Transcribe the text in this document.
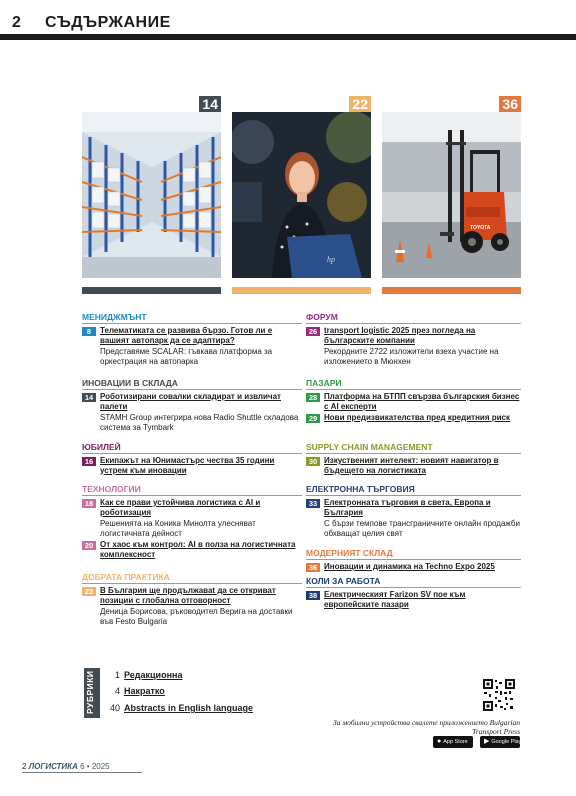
2 СЪДЪРЖАНИЕ
14	22
hp
36
TOYOTA
МЕНИДЖМЪНТ
8	Телематиката се развива бързо. Готов ли е вашият автопарк да се адаптира?
Представяме SCALAR: гъвкава платформа за оркестрация на автопарка
ИНОВАЦИИ В СКЛАДА
14 Роботизирани совалки складират и извличат палети
STAMH Group интегрира нова Radio Shuttle складова система за Tymbark
ЮБИЛЕЙ
16 Екипажът на Юнимастърс чества 35 години устрем към иновации
ТЕХНОЛОГИИ
18 Как се прави устойчива логистика с AI и роботизация
Решенията на Коника Минолта улесняват логистичната дейност
20 От хаос към контрол: AI в полза на логистичната комплексност
ДОБРАТА ПРАКТИКА
22 В България ще продължаваt да се откриват позиции с глобална отговорност
Деница Борисова, ръководител Верига на доставки във Festo Bulgaria
ФОРУМ
26 transport logistic 2025 през погледа на българските компании
Рекордните 2722 изложители взеха участие на изложението в Мюнхен
ПАЗАРИ
28 Платформа на БТПП свързва българския бизнес с AI експерти
29 Нови предизвикателства пред кредитния риск
SUPPLY CHAIN MANAGEMENT
30 Изкуственият интелект: новият навигатор в бъдещето на логистиката
ЕЛЕКТРОННА ТЪРГОВИЯ
33 Електронната търговия в света, Европа и България
С бързи темпове трансграничните онлайн продажби обхващат целия свят
МОДЕРНИЯТ СКЛАД
36 Иновации и динамика на Techno Expo 2025
КОЛИ ЗА РАБОТА
38 Електрическият Farizon SV пое към европейските пазари
РУБРИКИ	1 Редакционна
4 Накратко
40 Abstracts in English language
За мобилни устройства свалете приложението Bulgarian Transport Press
● App Store	▶ Google Play
2 ЛОГИСТИКА 6 • 2025
